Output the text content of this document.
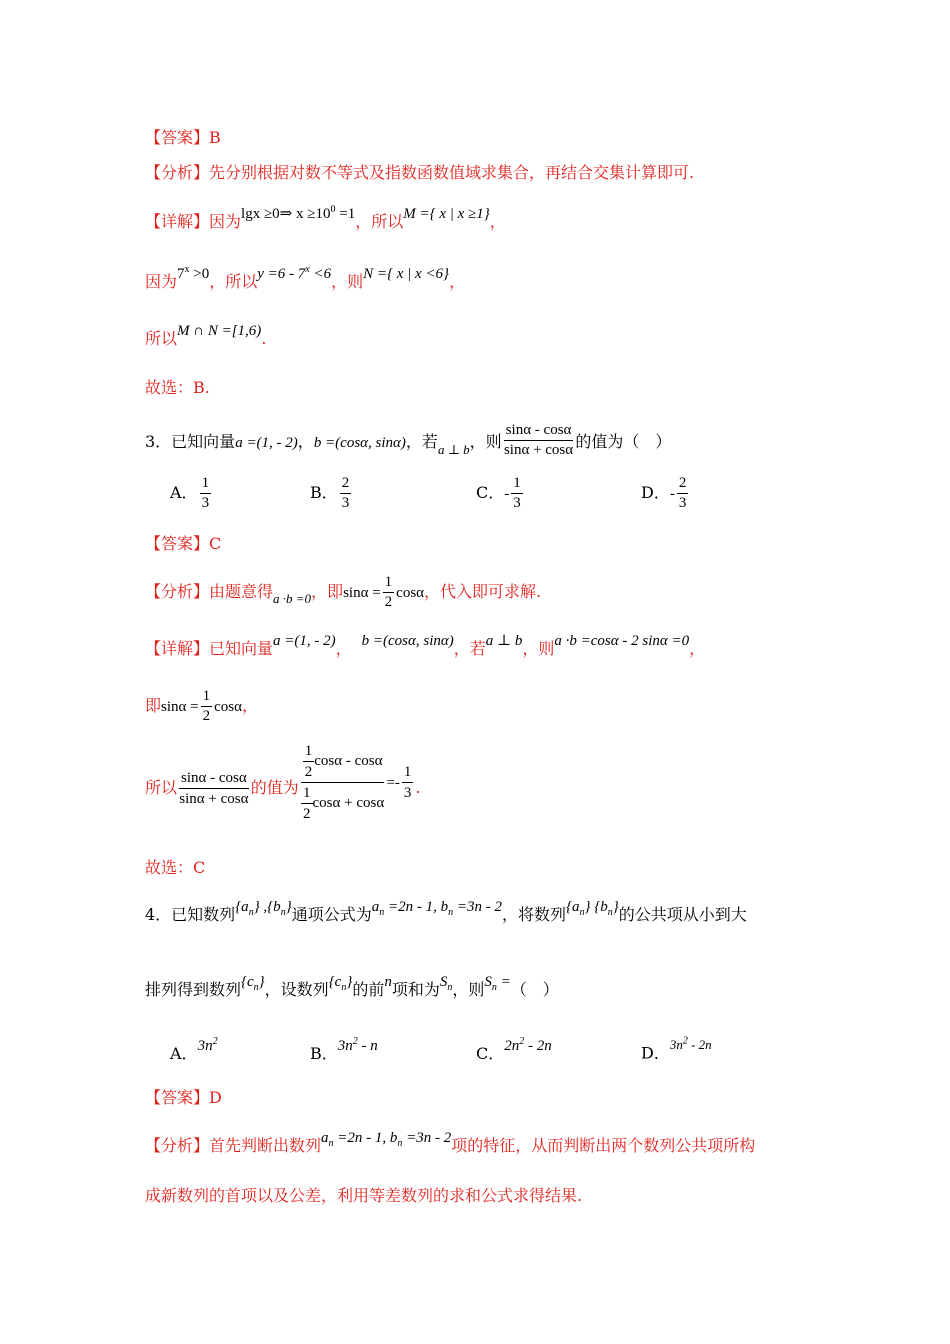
【答案】B
【分析】先分别根据对数不等式及指数函数值域求集合，再结合交集计算即可.
【详解】因为lgx ≥0⇒ $x \ge 10^0 =1$，所以M ={ x | x ≥1}，
因为$7^x >0$，所以$y =6 - 7^x <6$，则N ={ x | x <6}，
所以M ∩ N =[1,6).
故选：B.
3．已知向量a =(1, - 2)，b =(cosα, sinα)，若$_{a \perp b}$，则 $\frac{\sin\alpha - \cos\alpha}{\sin\alpha + \cos\alpha}$ 的值为（　）
A． $\frac{1}{3}$	B． $\frac{2}{3}$	C．- $\frac{1}{3}$	D．- $\frac{2}{3}$
【答案】C
【分析】由题意得$_{a \cdot b =0}$，即$\sin\alpha = \frac{1}{2}$ cosα，代入即可求解.
【详解】已知向量a =(1, - 2)， b =(cosα, sinα)，若a ⊥ b，则a ·b =cosα - 2 sinα =0，
即$\sin\alpha = \frac{1}{2}$ cosα，
所以 $\frac{\sin\alpha - \cos\alpha}{\sin\alpha + \cos\alpha}$ 的值为 $\frac{\frac{1}{2} \cos\alpha - \cos\alpha}{\frac{1}{2} \cos\alpha + \cos\alpha} =- \frac{1}{3}$ .
故选：C
4．已知数列$\{a_n\}$ $,\{b_n\}$通项公式为$a_n =2n - 1$, $b_n =3n - 2$，将数列$\{a_n\}$ $\{b_n\}$的公共项从小到大
排列得到数列$\{c_n\}$，设数列$\{c_n\}$的前n项和为$S_n$，则$S_n$ =（　）
A．$3n^2$
B．$3n^2$ - n	C．$2n^2 - 2n$	D．$^{3n^2 - 2n}$
【答案】D
【分析】首先判断出数列$a_n =2n - 1$, $b_n =3n - 2$项的特征，从而判断出两个数列公共项所构
成新数列的首项以及公差，利用等差数列的求和公式求得结果.
